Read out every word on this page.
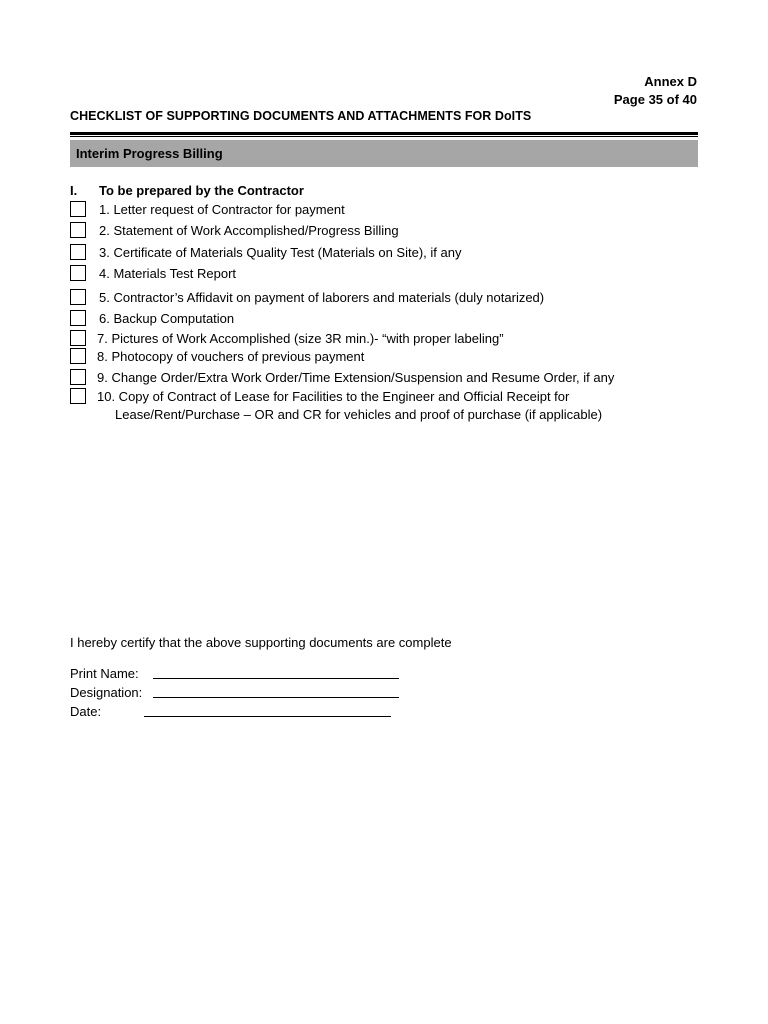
Annex D
Page 35 of 40
CHECKLIST OF SUPPORTING DOCUMENTS AND ATTACHMENTS FOR DoITS
Interim Progress Billing
I. To be prepared by the Contractor
1. Letter request of Contractor for payment
2. Statement of Work Accomplished/Progress Billing
3. Certificate of Materials Quality Test (Materials on Site), if any
4. Materials Test Report
5. Contractor’s Affidavit on payment of laborers and materials (duly notarized)
6. Backup Computation
7. Pictures of Work Accomplished (size 3R min.)- “with proper labeling”
8. Photocopy of vouchers of previous payment
9. Change Order/Extra Work Order/Time Extension/Suspension and Resume Order, if any
10. Copy of Contract of Lease for Facilities to the Engineer and Official Receipt for
Lease/Rent/Purchase – OR and CR for vehicles and proof of purchase (if applicable)
I hereby certify that the above supporting documents are complete
Print Name:
Designation:
Date:
